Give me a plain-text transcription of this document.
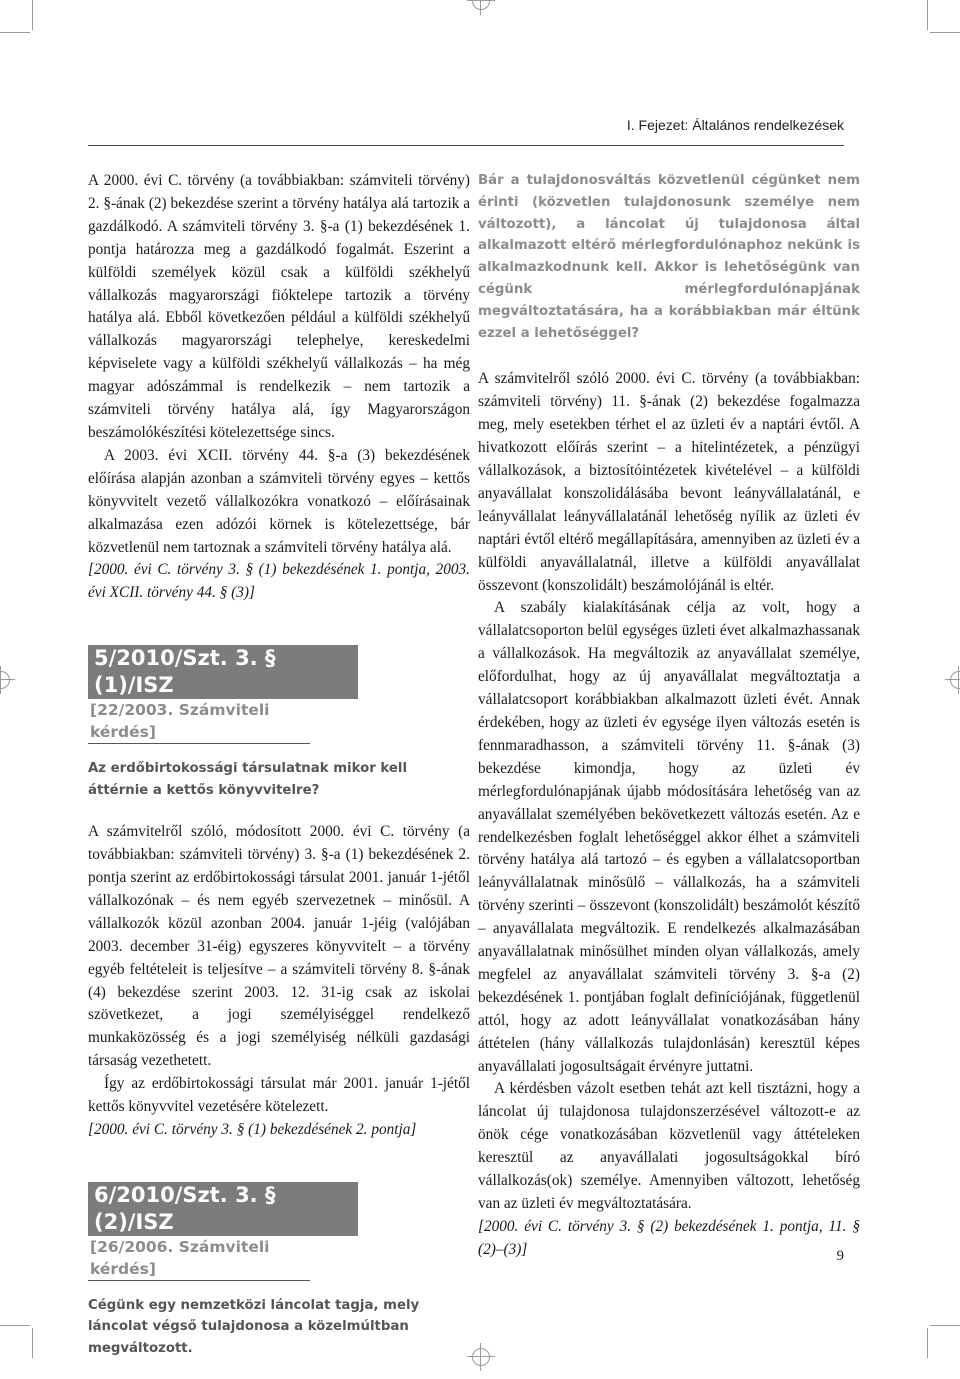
I. Fejezet: Általános rendelkezések

A 2000. évi C. törvény (a továbbiakban: számviteli törvény) 2. §-ának (2) bekezdése szerint a törvény hatálya alá tartozik a gazdálkodó. A számviteli törvény 3. §-a (1) bekezdésének 1. pontja határozza meg a gazdálkodó fogalmát. Eszerint a külföldi személyek közül csak a külföldi székhelyű vállalkozás magyarországi fióktelepe tartozik a törvény hatálya alá. Ebből következően például a külföldi székhelyű vállalkozás magyarországi telephelye, kereskedelmi képviselete vagy a külföldi székhelyű vállalkozás – ha még magyar adószámmal is rendelkezik – nem tartozik a számviteli törvény hatálya alá, így Magyarországon beszámolókészítési kötelezettsége sincs.

A 2003. évi XCII. törvény 44. §-a (3) bekezdésének előírása alapján azonban a számviteli törvény egyes – kettős könyvvitelt vezető vállalkozókra vonatkozó – előírásainak alkalmazása ezen adózói körnek is kötelezettsége, bár közvetlenül nem tartoznak a számviteli törvény hatálya alá.

[2000. évi C. törvény 3. § (1) bekezdésének 1. pontja, 2003. évi XCII. törvény 44. § (3)]

5/2010/Szt. 3. § (1)/ISZ
[22/2003. Számviteli kérdés]
Az erdőbirtokossági társulatnak mikor kell áttérnie a kettős könyvvitelre?

A számvitelről szóló, módosított 2000. évi C. törvény (a továbbiakban: számviteli törvény) 3. §-a (1) bekezdésének 2. pontja szerint az erdőbirtokossági társulat 2001. január 1-jétől vállalkozónak – és nem egyéb szervezetnek – minősül. A vállalkozók közül azonban 2004. január 1-jéig (valójában 2003. december 31-éig) egyszeres könyvvitelt – a törvény egyéb feltételeit is teljesítve – a számviteli törvény 8. §-ának (4) bekezdése szerint 2003. 12. 31-ig csak az iskolai szövetkezet, a jogi személyiséggel rendelkező munkaközösség és a jogi személyiség nélküli gazdasági társaság vezethetett.

Így az erdőbirtokossági társulat már 2001. január 1-jétől kettős könyvvitel vezetésére kötelezett.

[2000. évi C. törvény 3. § (1) bekezdésének 2. pontja]

6/2010/Szt. 3. § (2)/ISZ
[26/2006. Számviteli kérdés]
Cégünk egy nemzetközi láncolat tagja, mely láncolat végső tulajdonosa a közelmúltban megváltozott.
Bár a tulajdonosváltás közvetlenül cégünket nem érinti (közvetlen tulajdonosunk személye nem változott), a láncolat új tulajdonosa által alkalmazott eltérő mérlegfordulónaphoz nekünk is alkalmazkodnunk kell. Akkor is lehetőségünk van cégünk mérlegfordulónapjának megváltoztatására, ha a korábbiakban már éltünk ezzel a lehetőséggel?

A számvitelről szóló 2000. évi C. törvény (a továbbiakban: számviteli törvény) 11. §-ának (2) bekezdése fogalmazza meg, mely esetekben térhet el az üzleti év a naptári évtől. A hivatkozott előírás szerint – a hitelintézetek, a pénzügyi vállalkozások, a biztosítóintézetek kivételével – a külföldi anyavállalat konszolidálásába bevont leányvállalatánál, e leányvállalat leányvállalatánál lehetőség nyílik az üzleti év naptári évtől eltérő megállapítására, amennyiben az üzleti év a külföldi anyavállalatnál, illetve a külföldi anyavállalat összevont (konszolidált) beszámolójánál is eltér.

A szabály kialakításának célja az volt, hogy a vállalatcsoporton belül egységes üzleti évet alkalmazhassanak a vállalkozások. Ha megváltozik az anyavállalat személye, előfordulhat, hogy az új anyavállalat megváltoztatja a vállalatcsoport korábbiakban alkalmazott üzleti évét. Annak érdekében, hogy az üzleti év egysége ilyen változás esetén is fennmaradhasson, a számviteli törvény 11. §-ának (3) bekezdése kimondja, hogy az üzleti év mérlegfordulónapjának újabb módosítására lehetőség van az anyavállalat személyében bekövetkezett változás esetén. Az e rendelkezésben foglalt lehetőséggel akkor élhet a számviteli törvény hatálya alá tartozó – és egyben a vállalatcsoportban leányvállalatnak minősülő – vállalkozás, ha a számviteli törvény szerinti – összevont (konszolidált) beszámolót készítő – anyavállalata megváltozik. E rendelkezés alkalmazásában anyavállalatnak minősülhet minden olyan vállalkozás, amely megfelel az anyavállalat számviteli törvény 3. §-a (2) bekezdésének 1. pontjában foglalt definíciójának, függetlenül attól, hogy az adott leányvállalat vonatkozásában hány áttételen (hány vállalkozás tulajdonlásán) keresztül képes anyavállalati jogosultságait érvényre juttatni.

A kérdésben vázolt esetben tehát azt kell tisztázni, hogy a láncolat új tulajdonosa tulajdonszerzésével változott-e az önök cége vonatkozásában közvetlenül vagy áttételeken keresztül az anyavállalati jogosultságokkal bíró vállalkozás(ok) személye. Amennyiben változott, lehetőség van az üzleti év megváltoztatására.

[2000. évi C. törvény 3. § (2) bekezdésének 1. pontja, 11. § (2)–(3)]	9
